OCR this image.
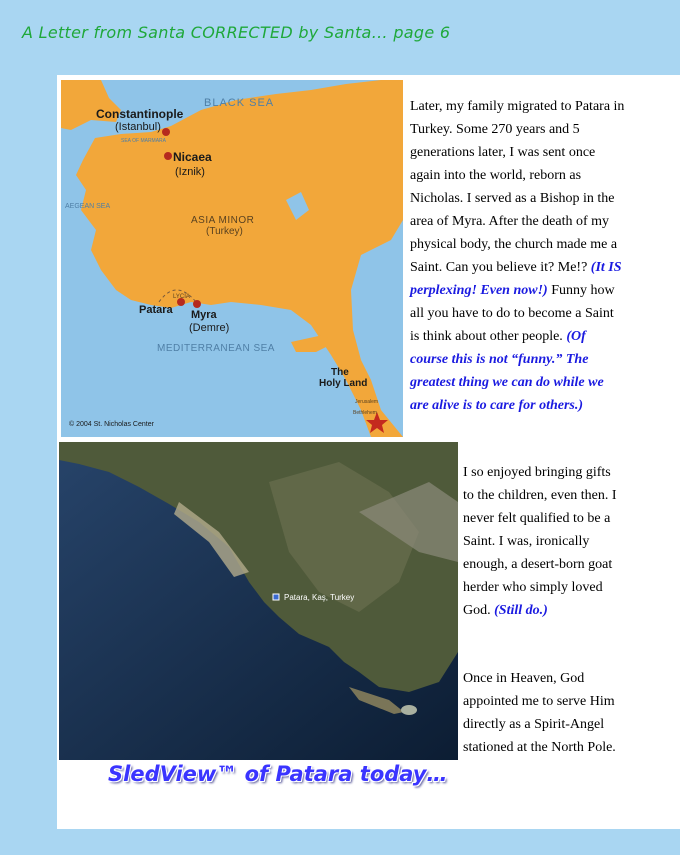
A Letter from Santa CORRECTED by Santa… page 6
BLACK SEA
Constantinople
(Istanbul)
SEA OF MARMARA
Nicaea
(Iznik)
AEGEAN SEA
ASIA MINOR
(Turkey)
LYCIA
Patara Myra
(Demre)
MEDITERRANEAN SEA
The
Holy Land
Jerusalem
Bethlehem
© 2004 St. Nicholas Center
Patara, Kaş, Turkey
SledView™ of Patara today…

Later, my family migrated to Patara in Turkey. Some 270 years and 5 generations later, I was sent once again into the world, reborn as Nicholas. I served as a Bishop in the area of Myra. After the death of my physical body, the church made me a Saint. Can you believe it? Me!? (It IS perplexing! Even now!) Funny how all you have to do to become a Saint is think about other people. (Of course this is not “funny.” The greatest thing we can do while we are alive is to care for others.)

I so enjoyed bringing gifts to the children, even then. I never felt qualified to be a Saint. I was, ironically enough, a desert-born goat herder who simply loved God. (Still do.)

Once in Heaven, God appointed me to serve Him directly as a Spirit-Angel stationed at the North Pole.
